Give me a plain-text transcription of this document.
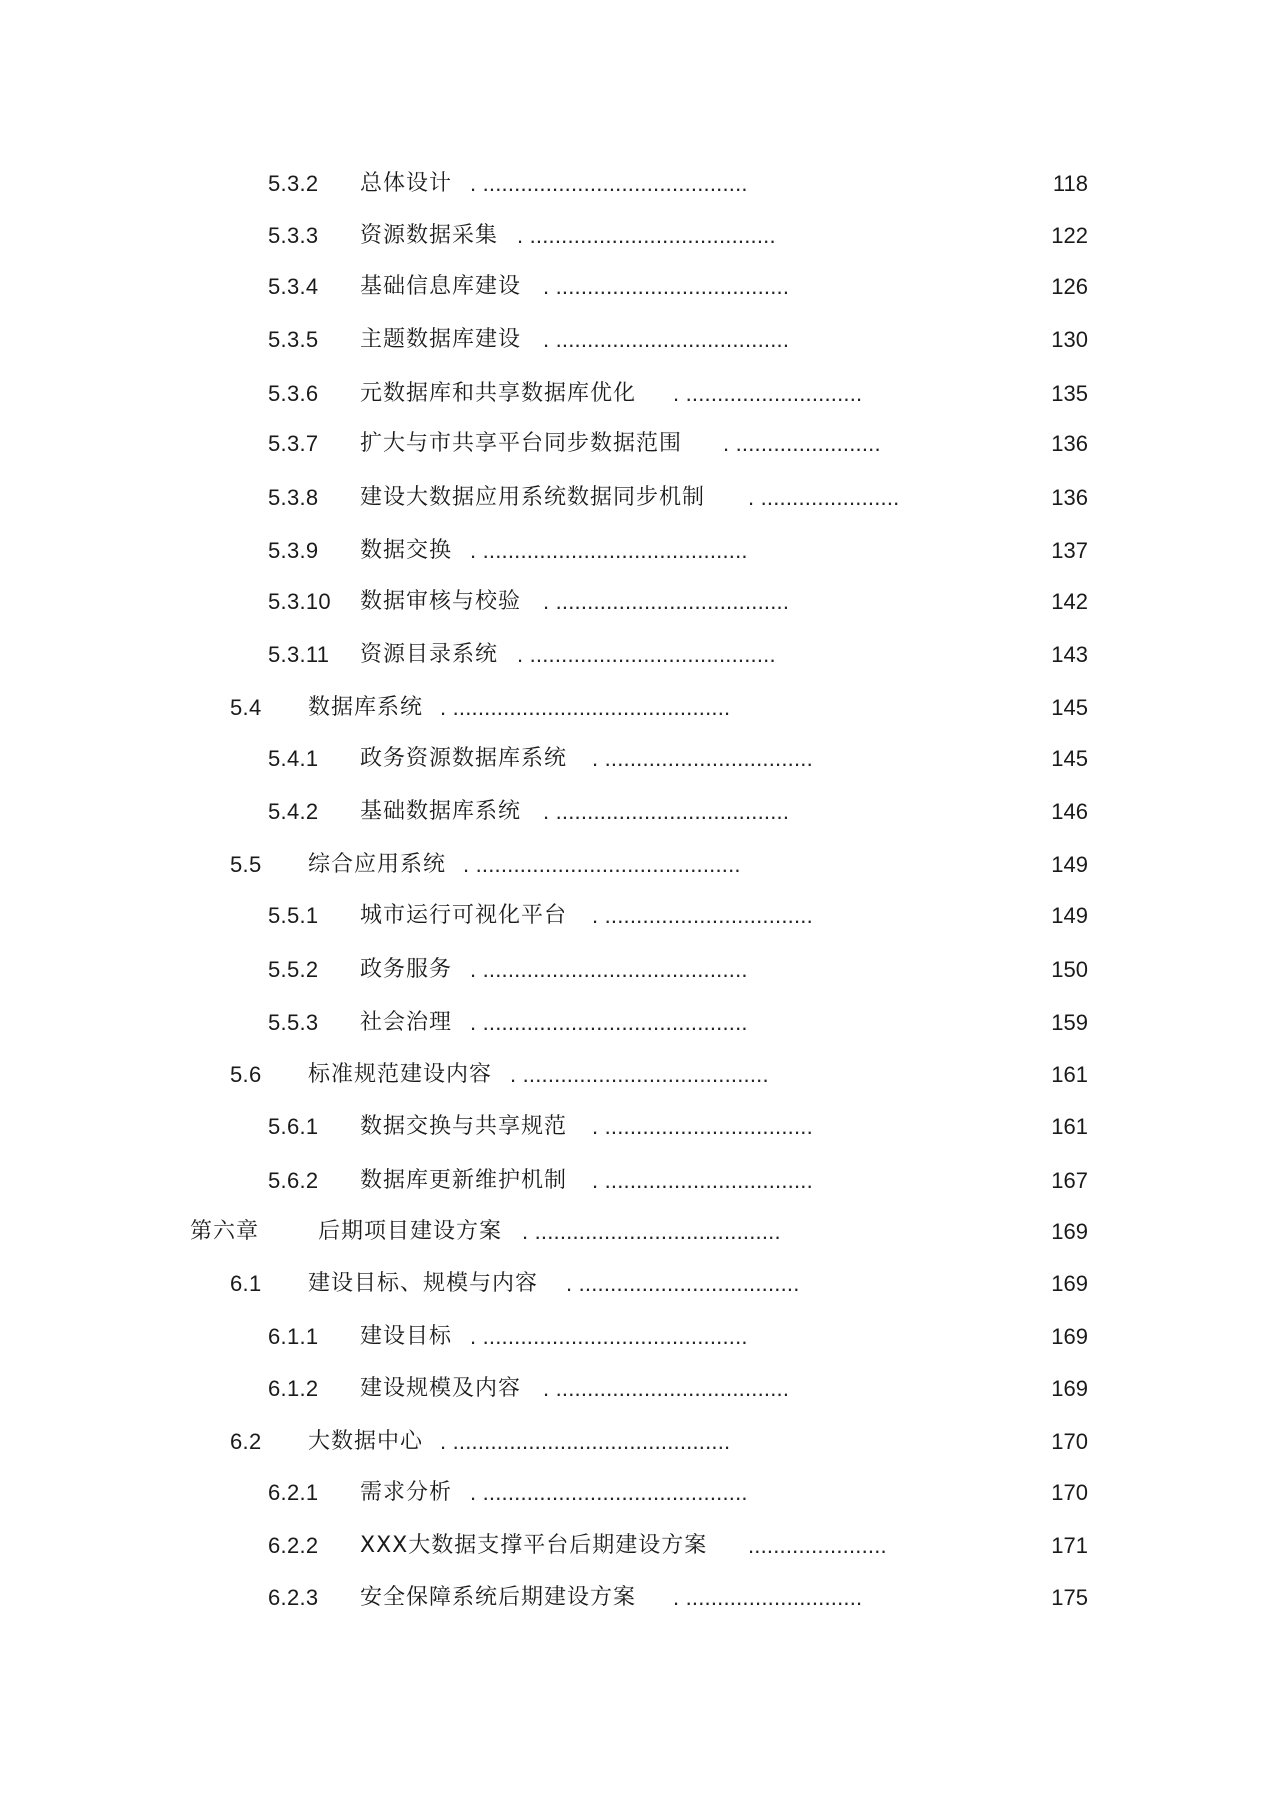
5.3.2 总体设计 . ..........................................	118
5.3.3 资源数据采集 . .......................................	122
5.3.4 基础信息库建设 . .....................................	126
5.3.5 主题数据库建设 . .....................................	130
5.3.6 元数据库和共享数据库优化 . ............................	135
5.3.7 扩大与市共享平台同步数据范围 . .......................	136
5.3.8 建设大数据应用系统数据同步机制 . ......................	136
5.3.9 数据交换 . ..........................................	137
5.3.10 数据审核与校验 . .....................................	142
5.3.11 资源目录系统 . .......................................	143
5.4 数据库系统 . ............................................	145
5.4.1 政务资源数据库系统 . .................................	145
5.4.2 基础数据库系统 . .....................................	146
5.5 综合应用系统 . ..........................................	149
5.5.1 城市运行可视化平台 . .................................	149
5.5.2 政务服务 . ..........................................	150
5.5.3 社会治理 . ..........................................	159
5.6 标准规范建设内容 . .......................................	161
5.6.1 数据交换与共享规范 . .................................	161
5.6.2 数据库更新维护机制 . .................................	167
第六章	后期项目建设方案 . .......................................	169
6.1 建设目标、规模与内容 . ...................................	169
6.1.1 建设目标 . ..........................................	169
6.1.2 建设规模及内容 . .....................................	169
6.2 大数据中心 . ............................................	170
6.2.1 需求分析 . ..........................................	170
6.2.2 XXX大数据支撑平台后期建设方案 ......................	171
6.2.3 安全保障系统后期建设方案 . ............................	175
